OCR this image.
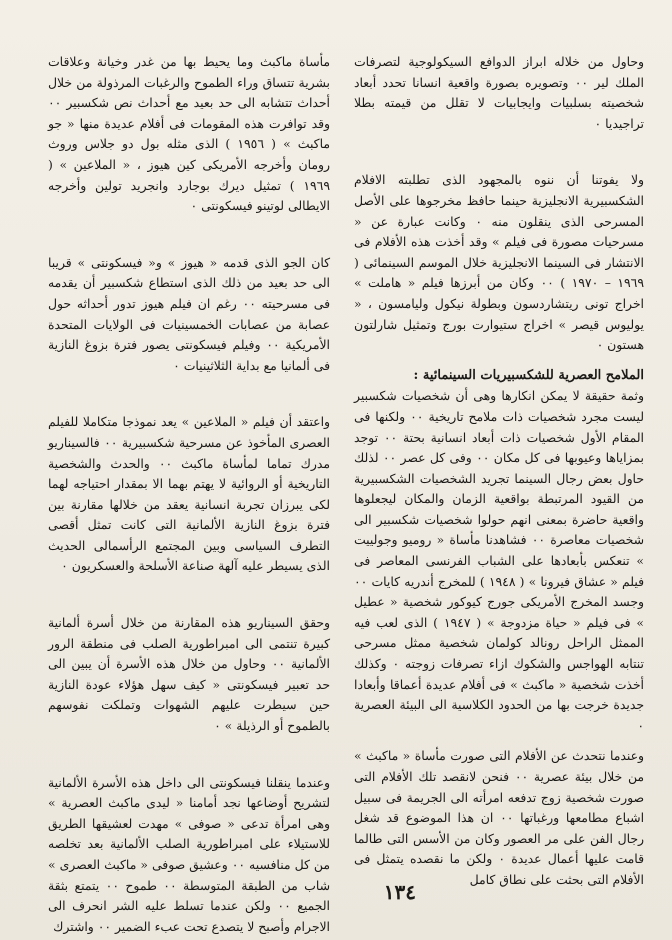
وحاول من خلاله ابراز الدوافع السيكولوجية لتصرفات الملك لير ٠٠ وتصويره بصورة واقعية انسانا تحدد أبعاد شخصيته بسلبيات وايجابيات لا تقلل من قيمته بطلا تراجيديا ٠

ولا يفوتنا أن ننوه بالمجهود الذى تطلبته الافلام الشكسبيرية الانجليزية حينما حافظ مخرجوها على الأصل المسرحى الذى ينقلون منه ٠ وكانت عبارة عن « مسرحيات مصورة فى فيلم » وقد أخذت هذه الأفلام فى الانتشار فى السينما الانجليزية خلال الموسم السينمائى ( ١٩٦٩ – ١٩٧٠ ) ٠٠ وكان من أبرزها فيلم « هاملت » اخراج تونى ريتشاردسون وبطولة نيكول وليامسون ، « يوليوس قيصر » اخراج ستيوارت بورج وتمثيل شارلتون هستون ٠

الملامح العصرية للشكسبيريات السينمائية :

وثمة حقيقة لا يمكن انكارها وهى أن شخصيات شكسبير ليست مجرد شخصيات ذات ملامح تاريخية ٠٠ ولكنها فى المقام الأول شخصيات ذات أبعاد انسانية بحتة ٠٠ توجد بمزاياها وعيوبها فى كل مكان ٠٠ وفى كل عصر ٠٠ لذلك حاول بعض رجال السينما تجريد الشخصيات الشكسبيرية من القيود المرتبطة بواقعية الزمان والمكان ليجعلوها واقعية حاضرة بمعنى انهم حولوا شخصيات شكسبير الى شخصيات معاصرة ٠٠ فشاهدنا مأساة « روميو وجولييت » تنعكس بأبعادها على الشباب الفرنسى المعاصر فى فيلم « عشاق فيرونا » ( ١٩٤٨ ) للمخرج أندريه كايات ٠٠ وجسد المخرج الأمريكى جورج كيوكور شخصية « عطيل » فى فيلم « حياة مزدوجة » ( ١٩٤٧ ) الذى لعب فيه الممثل الراحل رونالد كولمان شخصية ممثل مسرحى تنتابه الهواجس والشكوك ازاء تصرفات زوجته ٠ وكذلك أخذت شخصية « ماكبث » فى أفلام عديدة أعماقا وأبعادا جديدة خرجت بها من الحدود الكلاسية الى البيئة العصرية ٠

وعندما نتحدث عن الأفلام التى صورت مأساة « ماكبث » من خلال بيئة عصرية ٠٠ فنحن لانقصد تلك الأفلام التى صورت شخصية زوج تدفعه امرأته الى الجريمة فى سبيل اشباع مطامعها ورغباتها ٠٠ ان هذا الموضوع قد شغل رجال الفن على مر العصور وكان من الأسس التى طالما قامت عليها أعمال عديدة ٠ ولكن ما نقصده يتمثل فى الأفلام التى بحثت على نطاق كامل

مأساة ماكبث وما يحيط بها من غدر وخيانة وعلاقات بشرية تتساق وراء الطموح والرغبات المرذولة من خلال أحداث تتشابه الى حد بعيد مع أحداث نص شكسبير ٠٠ وقد توافرت هذه المقومات فى أفلام عديدة منها « جو ماكبث » ( ١٩٥٦ ) الذى مثله بول دو جلاس وروث رومان وأخرجه الأمريكى كين هيوز ، « الملاعين » ( ١٩٦٩ ) تمثيل ديرك بوجارد وانجريد تولين وأخرجه الايطالى لوتينو فيسكونتى ٠

كان الجو الذى قدمه « هيوز » و« فيسكونتى » قريبا الى حد بعيد من ذلك الذى استطاع شكسبير أن يقدمه فى مسرحيته ٠٠ رغم ان فيلم هيوز تدور أحداثه حول عصابة من عصابات الخمسينيات فى الولايات المتحدة الأمريكية ٠٠ وفيلم فيسكونتى يصور فترة بزوغ النازية فى ألمانيا مع بداية الثلاثينيات ٠

واعتقد أن فيلم « الملاعين » يعد نموذجا متكاملا للفيلم العصرى المأخوذ عن مسرحية شكسبيرية ٠٠ فالسيناريو مدرك تماما لمأساة ماكبث ٠٠ والحدث والشخصية التاريخية أو الروائية لا يهتم بهما الا بمقدار احتياجه لهما لكى يبرزان تجربة انسانية يعقد من خلالها مقارنة بين فترة بزوغ النازية الألمانية التى كانت تمثل أقصى التطرف السياسى وبين المجتمع الرأسمالى الحديث الذى يسيطر عليه آلهة صناعة الأسلحة والعسكريون ٠

وحقق السيناريو هذه المقارنة من خلال أسرة ألمانية كبيرة تنتمى الى امبراطورية الصلب فى منطقة الرور الألمانية ٠٠ وحاول من خلال هذه الأسرة أن يبين الى حد تعبير فيسكونتى « كيف سهل هؤلاء عودة النازية حين سيطرت عليهم الشهوات وتملكت نفوسهم بالطموح أو الرذيلة » ٠

وعندما ينقلنا فيسكونتى الى داخل هذه الأسرة الألمانية لتشريح أوضاعها نجد أمامنا « ليدى ماكبث العصرية » وهى امرأة تدعى « صوفى » مهدت لعشيقها الطريق للاستيلاء على امبراطورية الصلب الألمانية بعد تخلصه من كل منافسيه ٠٠ وعشيق صوفى « ماكبث العصرى » شاب من الطبقة المتوسطة ٠٠ طموح ٠٠ يتمتع بثقة الجميع ٠٠ ولكن عندما تسلط عليه الشر انحرف الى الاجرام وأصبح لا يتصدع تحت عبء الضمير ٠٠ واشترك

١٣٤
